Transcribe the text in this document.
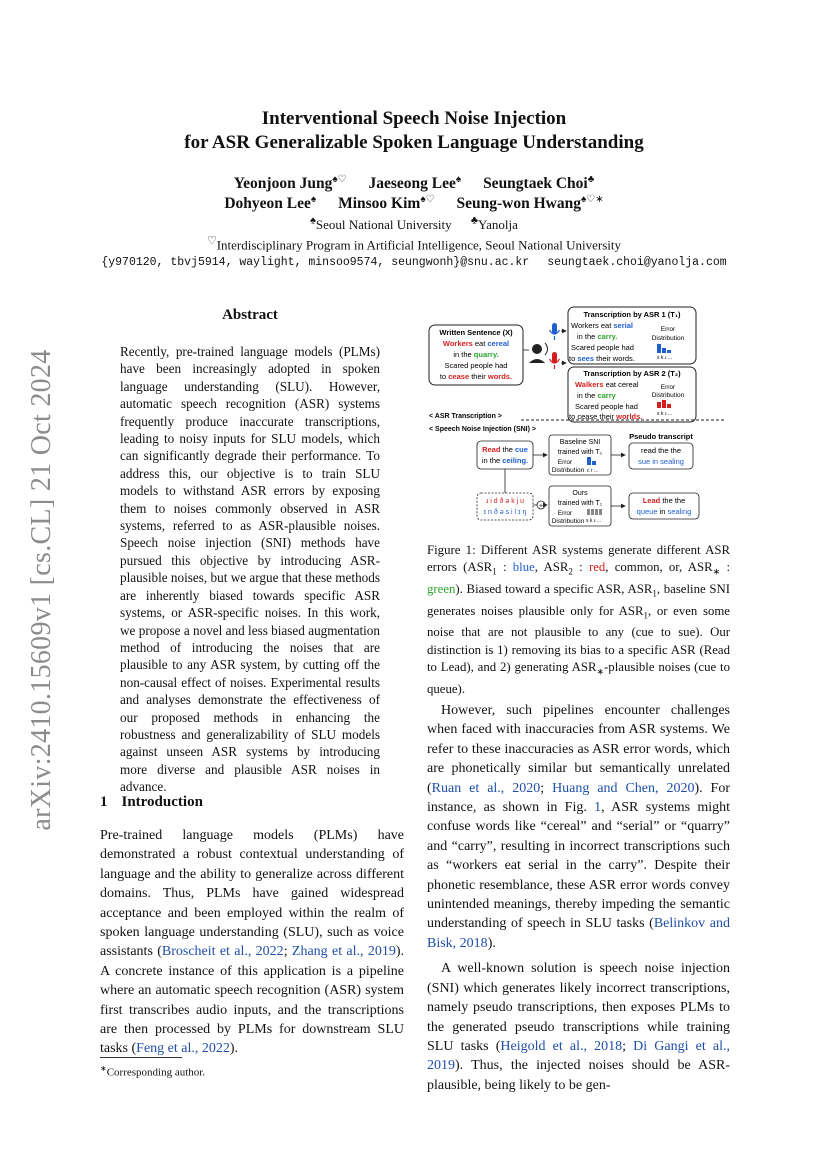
arXiv:2410.15609v1 [cs.CL] 21 Oct 2024
Interventional Speech Noise Injection
for ASR Generalizable Spoken Language Understanding
Yeonjoon Jung♠♡ Jaeseong Lee♠ Seungtaek Choi♣
Dohyeon Lee♠ Minsoo Kim♠♡ Seung-won Hwang♠♡∗
♠Seoul National University ♣Yanolja
♡Interdisciplinary Program in Artificial Intelligence, Seoul National University
{y970120, tbvj5914, waylight, minsoo9574, seungwonh}@snu.ac.kr seungtaek.choi@yanolja.com
Abstract
Recently, pre-trained language models (PLMs) have been increasingly adopted in spoken language understanding (SLU). However, automatic speech recognition (ASR) systems frequently produce inaccurate transcriptions, leading to noisy inputs for SLU models, which can significantly degrade their performance. To address this, our objective is to train SLU models to withstand ASR errors by exposing them to noises commonly observed in ASR systems, referred to as ASR-plausible noises. Speech noise injection (SNI) methods have pursued this objective by introducing ASR-plausible noises, but we argue that these methods are inherently biased towards specific ASR systems, or ASR-specific noises. In this work, we propose a novel and less biased augmentation method of introducing the noises that are plausible to any ASR system, by cutting off the non-causal effect of noises. Experimental results and analyses demonstrate the effectiveness of our proposed methods in enhancing the robustness and generalizability of SLU models against unseen ASR systems by introducing more diverse and plausible ASR noises in advance.
1 Introduction
Pre-trained language models (PLMs) have demonstrated a robust contextual understanding of language and the ability to generalize across different domains. Thus, PLMs have gained widespread acceptance and been employed within the realm of spoken language understanding (SLU), such as voice assistants (Broscheit et al., 2022; Zhang et al., 2019). A concrete instance of this application is a pipeline where an automatic speech recognition (ASR) system first transcribes audio inputs, and the transcriptions are then processed by PLMs for downstream SLU tasks (Feng et al., 2022).
∗Corresponding author.
Written Sentence (X)
Workers eat cereal
in the quarry.
Scared people had
to cease their words.
Transcription by ASR 1 (T₁)
Workers eat serial
in the carry.
Scared people had
to sees their words.
Error
Distribution
s k ɹ ...
Transcription by ASR 2 (T₂)
Walkers eat cereal
in the carry
Scared people had
to cease their worlds.
Error
Distribution
s k ɹ ...
< ASR Transcription >
< Speech Noise Injection (SNI) >
Read the cue
in the ceiling.
ɹ i d ð ə k j u
ɪ n ð ə s i l ɪ ŋ
+
Baseline SNI
trained with T₁
Error
Distribution c r ...
Ours
trained with T₁
Error
Distribution s k ɹ ...
Pseudo transcript
read the the
sue in sealing
Lead the the
queue in sealing
Figure 1: Different ASR systems generate different ASR errors ($ASR_1$ : blue, $ASR_2$ : red, common, or, $ASR_∗$ : green). Biased toward a specific ASR, $ASR_1$, baseline SNI generates noises plausible only for $ASR_1$, or even some noise that are not plausible to any (cue to sue). Our distinction is 1) removing its bias to a specific ASR (Read to Lead), and 2) generating $ASR_∗$-plausible noises (cue to queue).

However, such pipelines encounter challenges when faced with inaccuracies from ASR systems. We refer to these inaccuracies as ASR error words, which are phonetically similar but semantically unrelated (Ruan et al., 2020; Huang and Chen, 2020). For instance, as shown in Fig. 1, ASR systems might confuse words like “cereal” and “serial” or “quarry” and “carry”, resulting in incorrect transcriptions such as “workers eat serial in the carry”. Despite their phonetic resemblance, these ASR error words convey unintended meanings, thereby impeding the semantic understanding of speech in SLU tasks (Belinkov and Bisk, 2018).

A well-known solution is speech noise injection (SNI) which generates likely incorrect transcriptions, namely pseudo transcriptions, then exposes PLMs to the generated pseudo transcriptions while training SLU tasks (Heigold et al., 2018; Di Gangi et al., 2019). Thus, the injected noises should be ASR-plausible, being likely to be gen-
